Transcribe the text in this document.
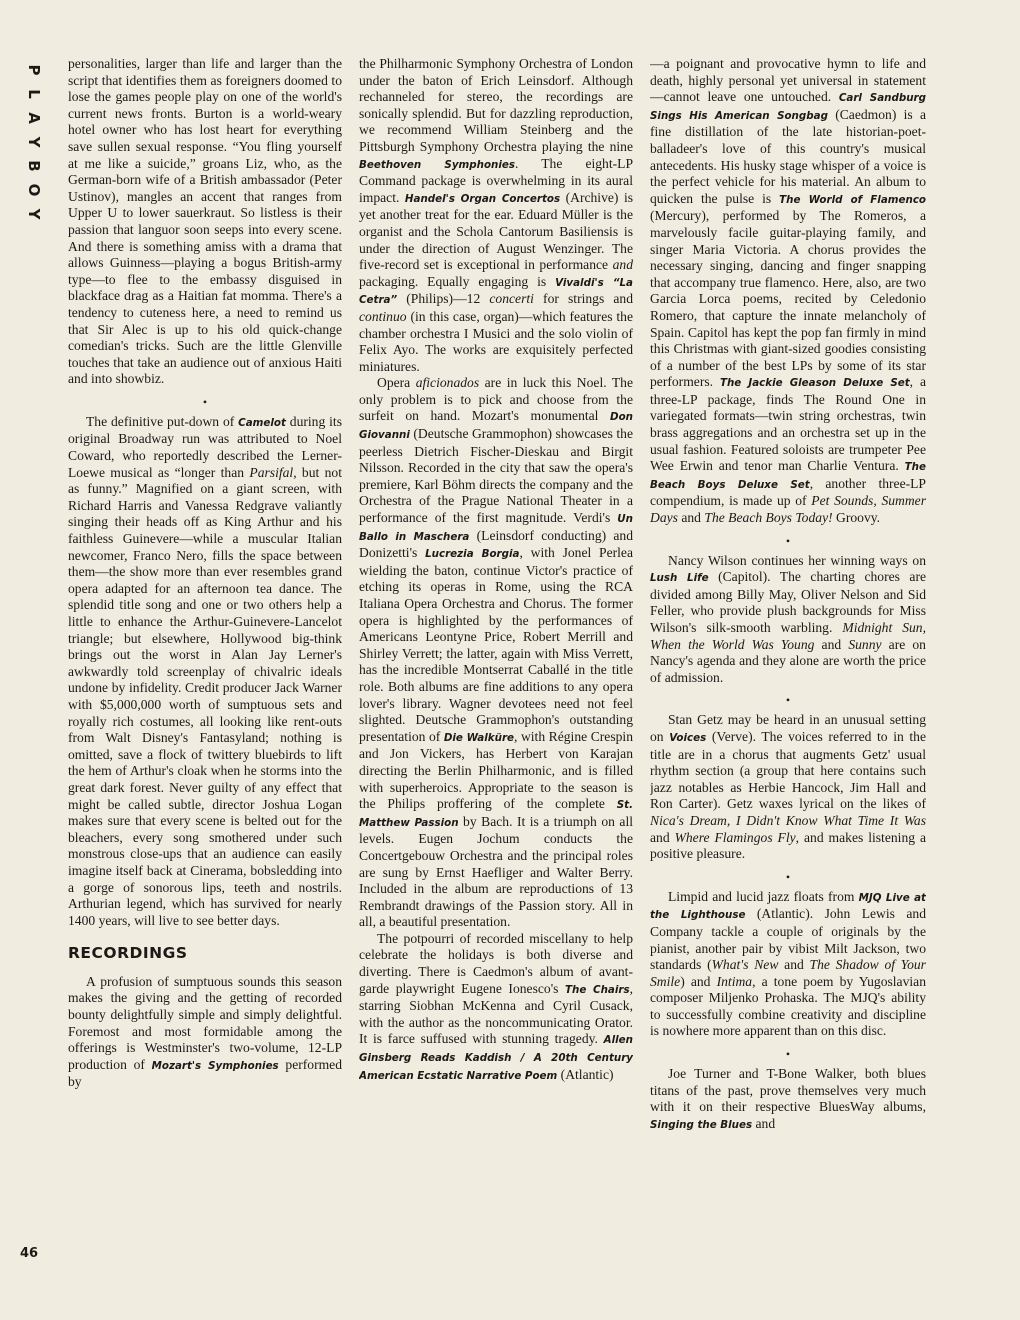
P
L
A
Y
B
O
Y
46

personalities, larger than life and larger than the script that identifies them as foreigners doomed to lose the games people play on one of the world's current news fronts. Burton is a world-weary hotel owner who has lost heart for everything save sullen sexual response. “You fling yourself at me like a suicide,” groans Liz, who, as the German-born wife of a British ambassador (Peter Ustinov), mangles an accent that ranges from Upper U to lower sauerkraut. So listless is their passion that languor soon seeps into every scene. And there is something amiss with a drama that allows Guinness—playing a bogus British-army type—to flee to the embassy disguised in blackface drag as a Haitian fat momma. There's a tendency to cuteness here, a need to remind us that Sir Alec is up to his old quick-change comedian's tricks. Such are the little Glenville touches that take an audience out of anxious Haiti and into showbiz.

•

The definitive put-down of Camelot during its original Broadway run was attributed to Noel Coward, who reportedly described the Lerner-Loewe musical as “longer than Parsifal, but not as funny.” Magnified on a giant screen, with Richard Harris and Vanessa Redgrave valiantly singing their heads off as King Arthur and his faithless Guinevere—while a muscular Italian newcomer, Franco Nero, fills the space between them—the show more than ever resembles grand opera adapted for an afternoon tea dance. The splendid title song and one or two others help a little to enhance the Arthur-Guinevere-Lancelot triangle; but elsewhere, Hollywood big-think brings out the worst in Alan Jay Lerner's awkwardly told screenplay of chivalric ideals undone by infidelity. Credit producer Jack Warner with $5,000,000 worth of sumptuous sets and royally rich costumes, all looking like rent-outs from Walt Disney's Fantasyland; nothing is omitted, save a flock of twittery bluebirds to lift the hem of Arthur's cloak when he storms into the great dark forest. Never guilty of any effect that might be called subtle, director Joshua Logan makes sure that every scene is belted out for the bleachers, every song smothered under such monstrous close-ups that an audience can easily imagine itself back at Cinerama, bobsledding into a gorge of sonorous lips, teeth and nostrils. Arthurian legend, which has survived for nearly 1400 years, will live to see better days.

RECORDINGS

A profusion of sumptuous sounds this season makes the giving and the getting of recorded bounty delightfully simple and simply delightful. Foremost and most formidable among the offerings is Westminster's two-volume, 12-LP production of Mozart's Symphonies performed by

the Philharmonic Symphony Orchestra of London under the baton of Erich Leinsdorf. Although rechanneled for stereo, the recordings are sonically splendid. But for dazzling reproduction, we recommend William Steinberg and the Pittsburgh Symphony Orchestra playing the nine Beethoven Symphonies. The eight-LP Command package is overwhelming in its aural impact. Handel's Organ Concertos (Archive) is yet another treat for the ear. Eduard Müller is the organist and the Schola Cantorum Basiliensis is under the direction of August Wenzinger. The five-record set is exceptional in performance and packaging. Equally engaging is Vivaldi's “La Cetra” (Philips)—12 concerti for strings and continuo (in this case, organ)—which features the chamber orchestra I Musici and the solo violin of Felix Ayo. The works are exquisitely perfected miniatures.

Opera aficionados are in luck this Noel. The only problem is to pick and choose from the surfeit on hand. Mozart's monumental Don Giovanni (Deutsche Grammophon) showcases the peerless Dietrich Fischer-Dieskau and Birgit Nilsson. Recorded in the city that saw the opera's premiere, Karl Böhm directs the company and the Orchestra of the Prague National Theater in a performance of the first magnitude. Verdi's Un Ballo in Maschera (Leinsdorf conducting) and Donizetti's Lucrezia Borgia, with Jonel Perlea wielding the baton, continue Victor's practice of etching its operas in Rome, using the RCA Italiana Opera Orchestra and Chorus. The former opera is highlighted by the performances of Americans Leontyne Price, Robert Merrill and Shirley Verrett; the latter, again with Miss Verrett, has the incredible Montserrat Caballé in the title role. Both albums are fine additions to any opera lover's library. Wagner devotees need not feel slighted. Deutsche Grammophon's outstanding presentation of Die Walküre, with Régine Crespin and Jon Vickers, has Herbert von Karajan directing the Berlin Philharmonic, and is filled with superheroics. Appropriate to the season is the Philips proffering of the complete St. Matthew Passion by Bach. It is a triumph on all levels. Eugen Jochum conducts the Concertgebouw Orchestra and the principal roles are sung by Ernst Haefliger and Walter Berry. Included in the album are reproductions of 13 Rembrandt drawings of the Passion story. All in all, a beautiful presentation.

The potpourri of recorded miscellany to help celebrate the holidays is both diverse and diverting. There is Caedmon's album of avant-garde playwright Eugene Ionesco's The Chairs, starring Siobhan McKenna and Cyril Cusack, with the author as the noncommunicating Orator. It is farce suffused with stunning tragedy. Allen Ginsberg Reads Kaddish / A 20th Century American Ecstatic Narrative Poem (Atlantic)

—a poignant and provocative hymn to life and death, highly personal yet universal in statement—cannot leave one untouched. Carl Sandburg Sings His American Songbag (Caedmon) is a fine distillation of the late historian-poet-balladeer's love of this country's musical antecedents. His husky stage whisper of a voice is the perfect vehicle for his material. An album to quicken the pulse is The World of Flamenco (Mercury), performed by The Romeros, a marvelously facile guitar-playing family, and singer Maria Victoria. A chorus provides the necessary singing, dancing and finger snapping that accompany true flamenco. Here, also, are two Garcia Lorca poems, recited by Celedonio Romero, that capture the innate melancholy of Spain. Capitol has kept the pop fan firmly in mind this Christmas with giant-sized goodies consisting of a number of the best LPs by some of its star performers. The Jackie Gleason Deluxe Set, a three-LP package, finds The Round One in variegated formats—twin string orchestras, twin brass aggregations and an orchestra set up in the usual fashion. Featured soloists are trumpeter Pee Wee Erwin and tenor man Charlie Ventura. The Beach Boys Deluxe Set, another three-LP compendium, is made up of Pet Sounds, Summer Days and The Beach Boys Today! Groovy.

•

Nancy Wilson continues her winning ways on Lush Life (Capitol). The charting chores are divided among Billy May, Oliver Nelson and Sid Feller, who provide plush backgrounds for Miss Wilson's silk-smooth warbling. Midnight Sun, When the World Was Young and Sunny are on Nancy's agenda and they alone are worth the price of admission.

•

Stan Getz may be heard in an unusual setting on Voices (Verve). The voices referred to in the title are in a chorus that augments Getz' usual rhythm section (a group that here contains such jazz notables as Herbie Hancock, Jim Hall and Ron Carter). Getz waxes lyrical on the likes of Nica's Dream, I Didn't Know What Time It Was and Where Flamingos Fly, and makes listening a positive pleasure.

•

Limpid and lucid jazz floats from MJQ Live at the Lighthouse (Atlantic). John Lewis and Company tackle a couple of originals by the pianist, another pair by vibist Milt Jackson, two standards (What's New and The Shadow of Your Smile) and Intima, a tone poem by Yugoslavian composer Miljenko Prohaska. The MJQ's ability to successfully combine creativity and discipline is nowhere more apparent than on this disc.

•

Joe Turner and T-Bone Walker, both blues titans of the past, prove themselves very much with it on their respective BluesWay albums, Singing the Blues and
